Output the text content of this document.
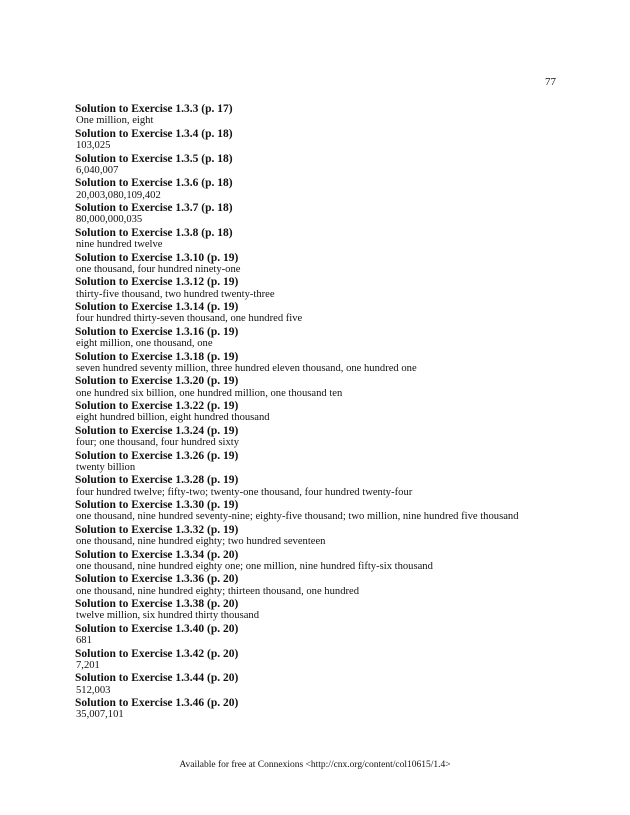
77
Solution to Exercise 1.3.3 (p. 17)
One million, eight
Solution to Exercise 1.3.4 (p. 18)
103,025
Solution to Exercise 1.3.5 (p. 18)
6,040,007
Solution to Exercise 1.3.6 (p. 18)
20,003,080,109,402
Solution to Exercise 1.3.7 (p. 18)
80,000,000,035
Solution to Exercise 1.3.8 (p. 18)
nine hundred twelve
Solution to Exercise 1.3.10 (p. 19)
one thousand, four hundred ninety-one
Solution to Exercise 1.3.12 (p. 19)
thirty-five thousand, two hundred twenty-three
Solution to Exercise 1.3.14 (p. 19)
four hundred thirty-seven thousand, one hundred five
Solution to Exercise 1.3.16 (p. 19)
eight million, one thousand, one
Solution to Exercise 1.3.18 (p. 19)
seven hundred seventy million, three hundred eleven thousand, one hundred one
Solution to Exercise 1.3.20 (p. 19)
one hundred six billion, one hundred million, one thousand ten
Solution to Exercise 1.3.22 (p. 19)
eight hundred billion, eight hundred thousand
Solution to Exercise 1.3.24 (p. 19)
four; one thousand, four hundred sixty
Solution to Exercise 1.3.26 (p. 19)
twenty billion
Solution to Exercise 1.3.28 (p. 19)
four hundred twelve; fifty-two; twenty-one thousand, four hundred twenty-four
Solution to Exercise 1.3.30 (p. 19)
one thousand, nine hundred seventy-nine; eighty-five thousand; two million, nine hundred five thousand
Solution to Exercise 1.3.32 (p. 19)
one thousand, nine hundred eighty; two hundred seventeen
Solution to Exercise 1.3.34 (p. 20)
one thousand, nine hundred eighty one; one million, nine hundred fifty-six thousand
Solution to Exercise 1.3.36 (p. 20)
one thousand, nine hundred eighty; thirteen thousand, one hundred
Solution to Exercise 1.3.38 (p. 20)
twelve million, six hundred thirty thousand
Solution to Exercise 1.3.40 (p. 20)
681
Solution to Exercise 1.3.42 (p. 20)
7,201
Solution to Exercise 1.3.44 (p. 20)
512,003
Solution to Exercise 1.3.46 (p. 20)
35,007,101
Available for free at Connexions <http://cnx.org/content/col10615/1.4>
